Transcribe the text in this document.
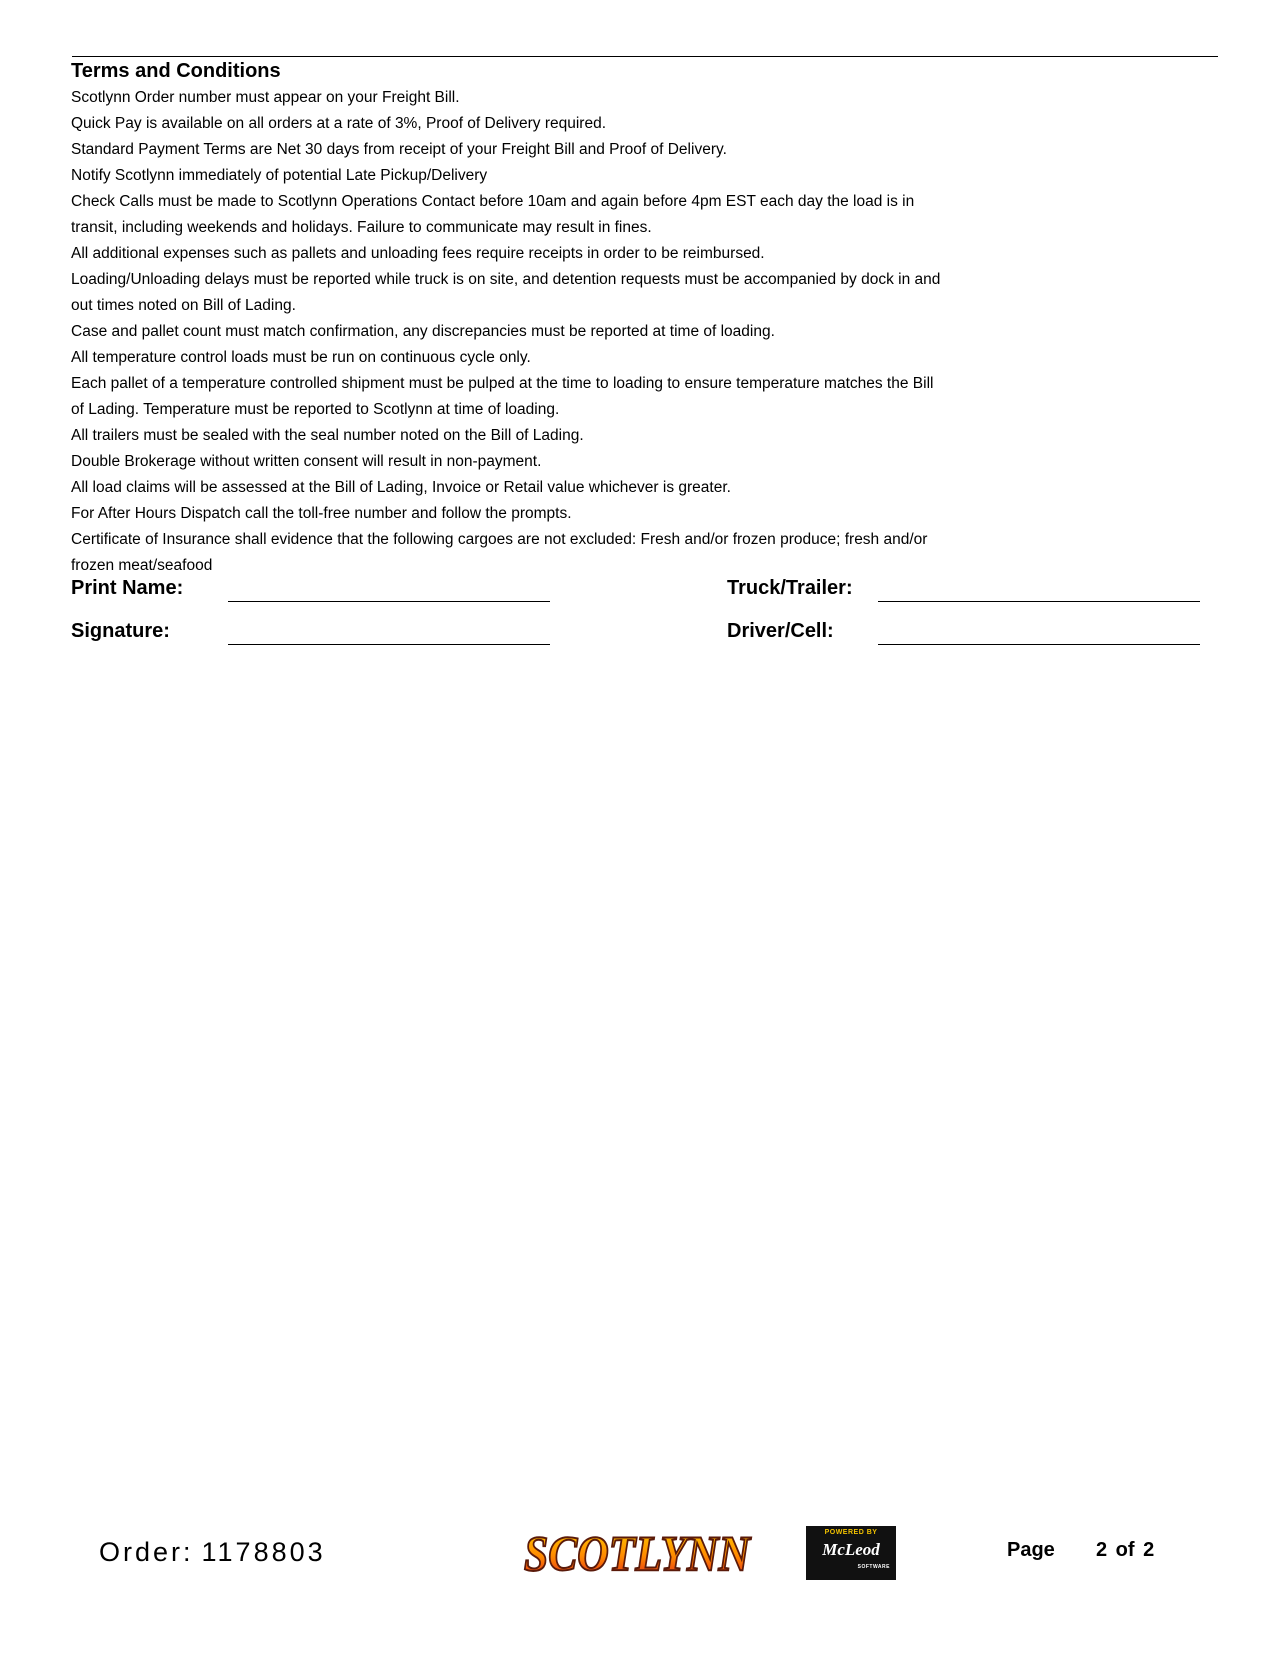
Terms and Conditions
Scotlynn Order number must appear on your Freight Bill.
Quick Pay is available on all orders at a rate of 3%, Proof of Delivery required.
Standard Payment Terms are Net 30 days from receipt of your Freight Bill and Proof of Delivery.
Notify Scotlynn immediately of potential Late Pickup/Delivery
Check Calls must be made to Scotlynn Operations Contact before 10am and again before 4pm EST each day the load is in
transit, including weekends and holidays. Failure to communicate may result in fines.
All additional expenses such as pallets and unloading fees require receipts in order to be reimbursed.
Loading/Unloading delays must be reported while truck is on site, and detention requests must be accompanied by dock in and
out times noted on Bill of Lading.
Case and pallet count must match confirmation, any discrepancies must be reported at time of loading.
All temperature control loads must be run on continuous cycle only.
Each pallet of a temperature controlled shipment must be pulped at the time to loading to ensure temperature matches the Bill
of Lading. Temperature must be reported to Scotlynn at time of loading.
All trailers must be sealed with the seal number noted on the Bill of Lading.
Double Brokerage without written consent will result in non-payment.
All load claims will be assessed at the Bill of Lading, Invoice or Retail value whichever is greater.
For After Hours Dispatch call the toll-free number and follow the prompts.
Certificate of Insurance shall evidence that the following cargoes are not excluded: Fresh and/or frozen produce; fresh and/or
frozen meat/seafood
Print Name:	Truck/Trailer:
Signature:	Driver/Cell:
Order: 1178803	SCOTLYNN	POWERED BY
McLeod
SOFTWARE
Page 2 of 2
